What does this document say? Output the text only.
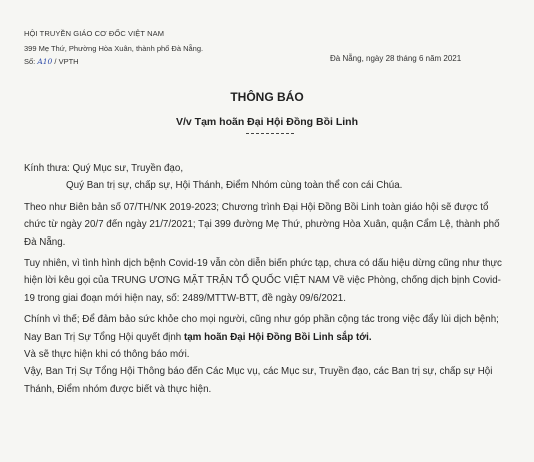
HỘI TRUYỀN GIÁO CƠ ĐỐC VIỆT NAM
399 Mẹ Thứ, Phường Hòa Xuân, thành phố Đà Nẵng.
Số: A10 / VPTH	Đà Nẵng, ngày 28 tháng 6 năm 2021
THÔNG BÁO
V/v Tạm hoãn Đại Hội Đồng Bồi Linh

Kính thưa: Quý Mục sư, Truyền đạo,

Quý Ban trị sự, chấp sự, Hội Thánh, Điểm Nhóm cùng toàn thể con cái Chúa.

Theo như Biên bản số 07/TH/NK 2019-2023; Chương trình Đại Hội Đồng Bồi Linh toàn giáo hội sẽ được tổ chức từ ngày 20/7 đến ngày 21/7/2021; Tại 399 đường Mẹ Thứ, phường Hòa Xuân, quận Cẩm Lệ, thành phố Đà Nẵng.

Tuy nhiên, vì tình hình dịch bệnh Covid-19 vẫn còn diễn biến phức tạp, chưa có dấu hiệu dừng cũng như thực hiện lời kêu gọi của TRUNG ƯƠNG MẶT TRẬN TỔ QUỐC VIỆT NAM Về việc Phòng, chống dịch bịnh Covid-19 trong giai đoạn mới hiện nay, số: 2489/MTTW-BTT, đề ngày 09/6/2021.

Chính vì thế; Để đảm bảo sức khỏe cho mọi người, cũng như góp phần cộng tác trong việc đẩy lùi dịch bệnh; Nay Ban Trị Sự Tổng Hội quyết định tạm hoãn Đại Hội Đồng Bồi Linh sắp tới.

Và sẽ thực hiện khi có thông báo mới.

Vậy, Ban Trị Sự Tổng Hội Thông báo đến Các Mục vụ, các Mục sư, Truyền đạo, các Ban trị sự, chấp sự Hội Thánh, Điểm nhóm được biết và thực hiện.
